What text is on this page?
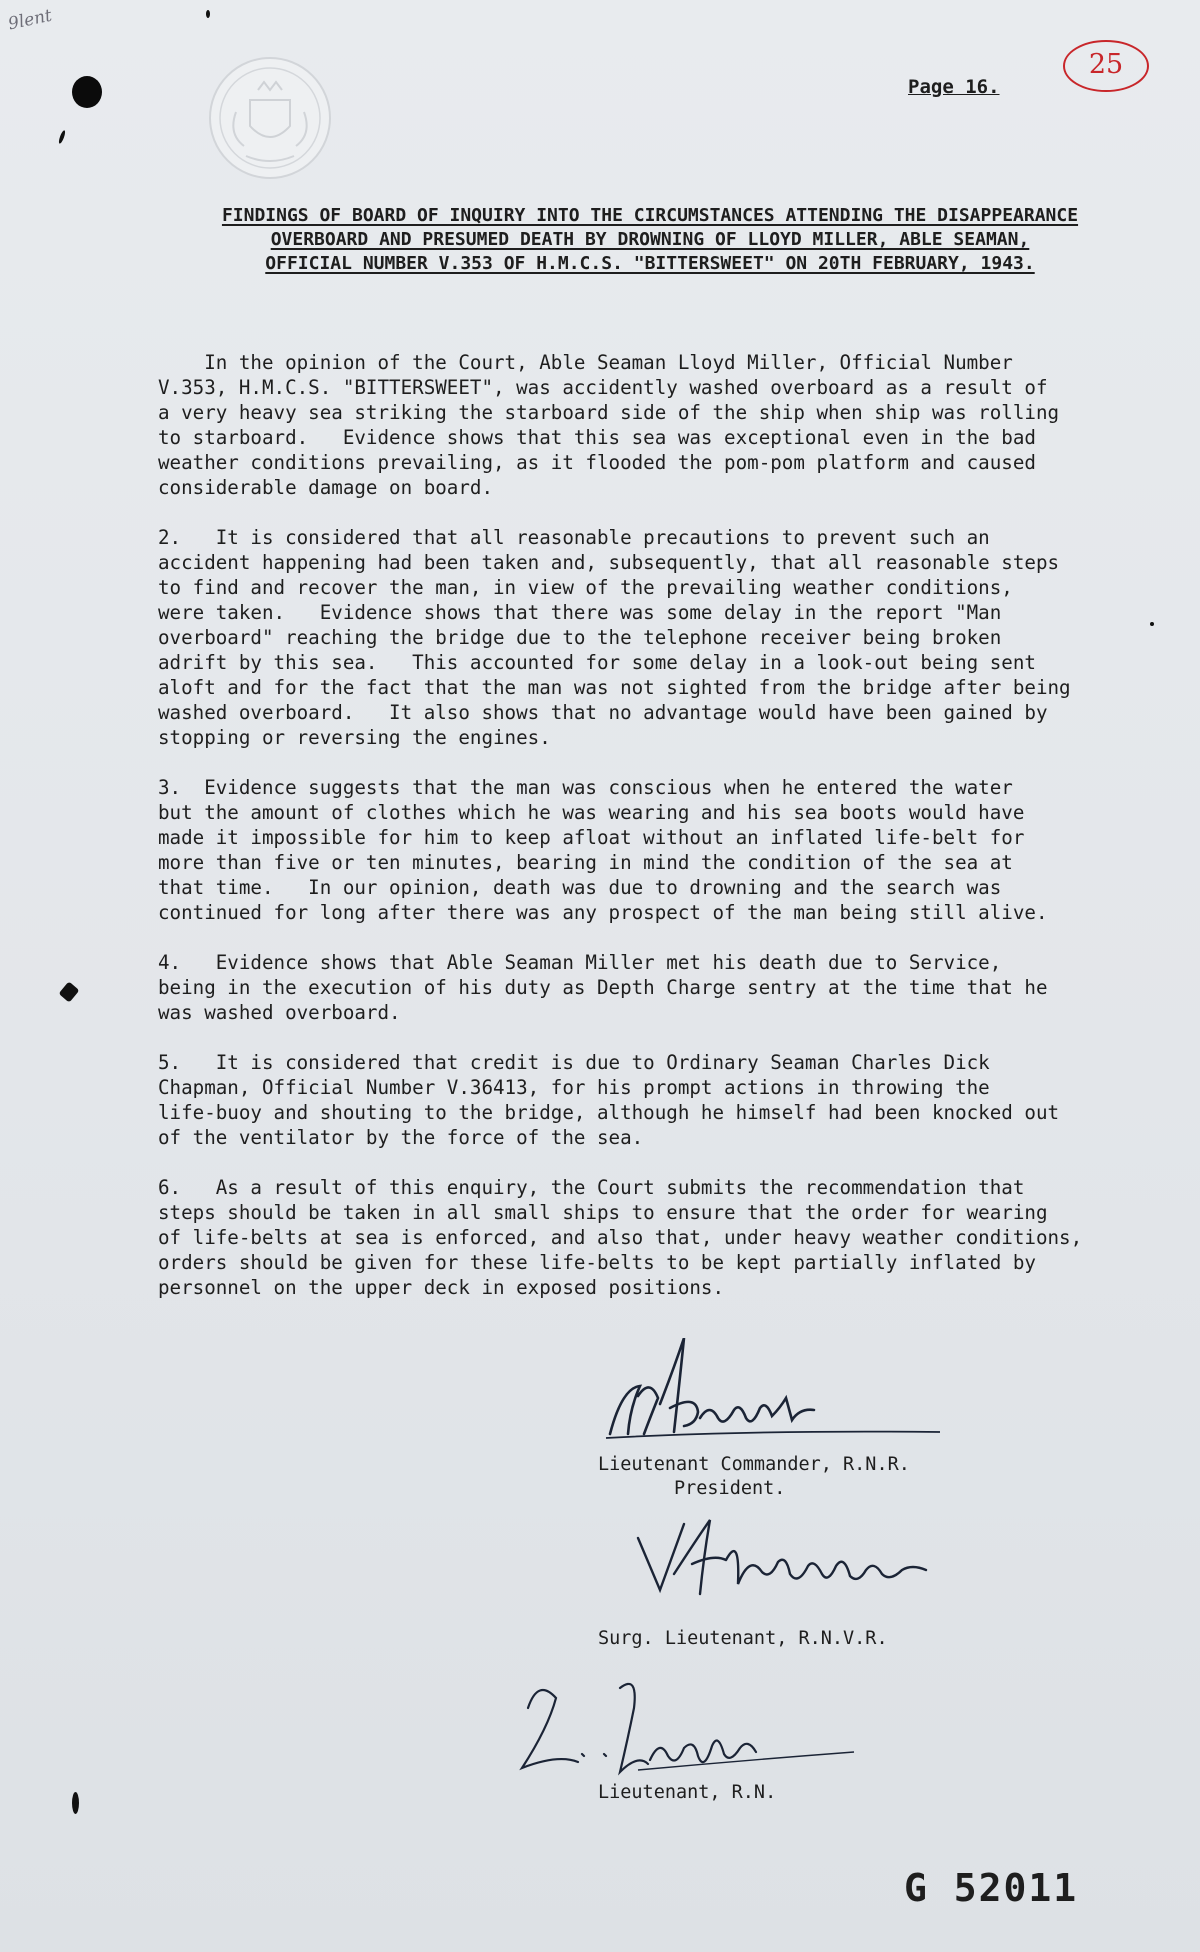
9lent
Page 16.
25
FINDINGS OF BOARD OF INQUIRY INTO THE CIRCUMSTANCES ATTENDING THE DISAPPEARANCE
OVERBOARD AND PRESUMED DEATH BY DROWNING OF LLOYD MILLER, ABLE SEAMAN,
OFFICIAL NUMBER V.353 OF H.M.C.S. "BITTERSWEET" ON 20TH FEBRUARY, 1943.
In the opinion of the Court, Able Seaman Lloyd Miller, Official Number
V.353, H.M.C.S. "BITTERSWEET", was accidently washed overboard as a result of
a very heavy sea striking the starboard side of the ship when ship was rolling
to starboard.   Evidence shows that this sea was exceptional even in the bad
weather conditions prevailing, as it flooded the pom-pom platform and caused
considerable damage on board.
2.   It is considered that all reasonable precautions to prevent such an
accident happening had been taken and, subsequently, that all reasonable steps
to find and recover the man, in view of the prevailing weather conditions,
were taken.   Evidence shows that there was some delay in the report "Man
overboard" reaching the bridge due to the telephone receiver being broken
adrift by this sea.   This accounted for some delay in a look-out being sent
aloft and for the fact that the man was not sighted from the bridge after being
washed overboard.   It also shows that no advantage would have been gained by
stopping or reversing the engines.
3.  Evidence suggests that the man was conscious when he entered the water
but the amount of clothes which he was wearing and his sea boots would have
made it impossible for him to keep afloat without an inflated life-belt for
more than five or ten minutes, bearing in mind the condition of the sea at
that time.   In our opinion, death was due to drowning and the search was
continued for long after there was any prospect of the man being still alive.
4.   Evidence shows that Able Seaman Miller met his death due to Service,
being in the execution of his duty as Depth Charge sentry at the time that he
was washed overboard.
5.   It is considered that credit is due to Ordinary Seaman Charles Dick
Chapman, Official Number V.36413, for his prompt actions in throwing the
life-buoy and shouting to the bridge, although he himself had been knocked out
of the ventilator by the force of the sea.
6.   As a result of this enquiry, the Court submits the recommendation that
steps should be taken in all small ships to ensure that the order for wearing
of life-belts at sea is enforced, and also that, under heavy weather conditions,
orders should be given for these life-belts to be kept partially inflated by
personnel on the upper deck in exposed positions.
Lieutenant Commander, R.N.R.
President.
Surg. Lieutenant, R.N.V.R.
Lieutenant, R.N.
G 52011
